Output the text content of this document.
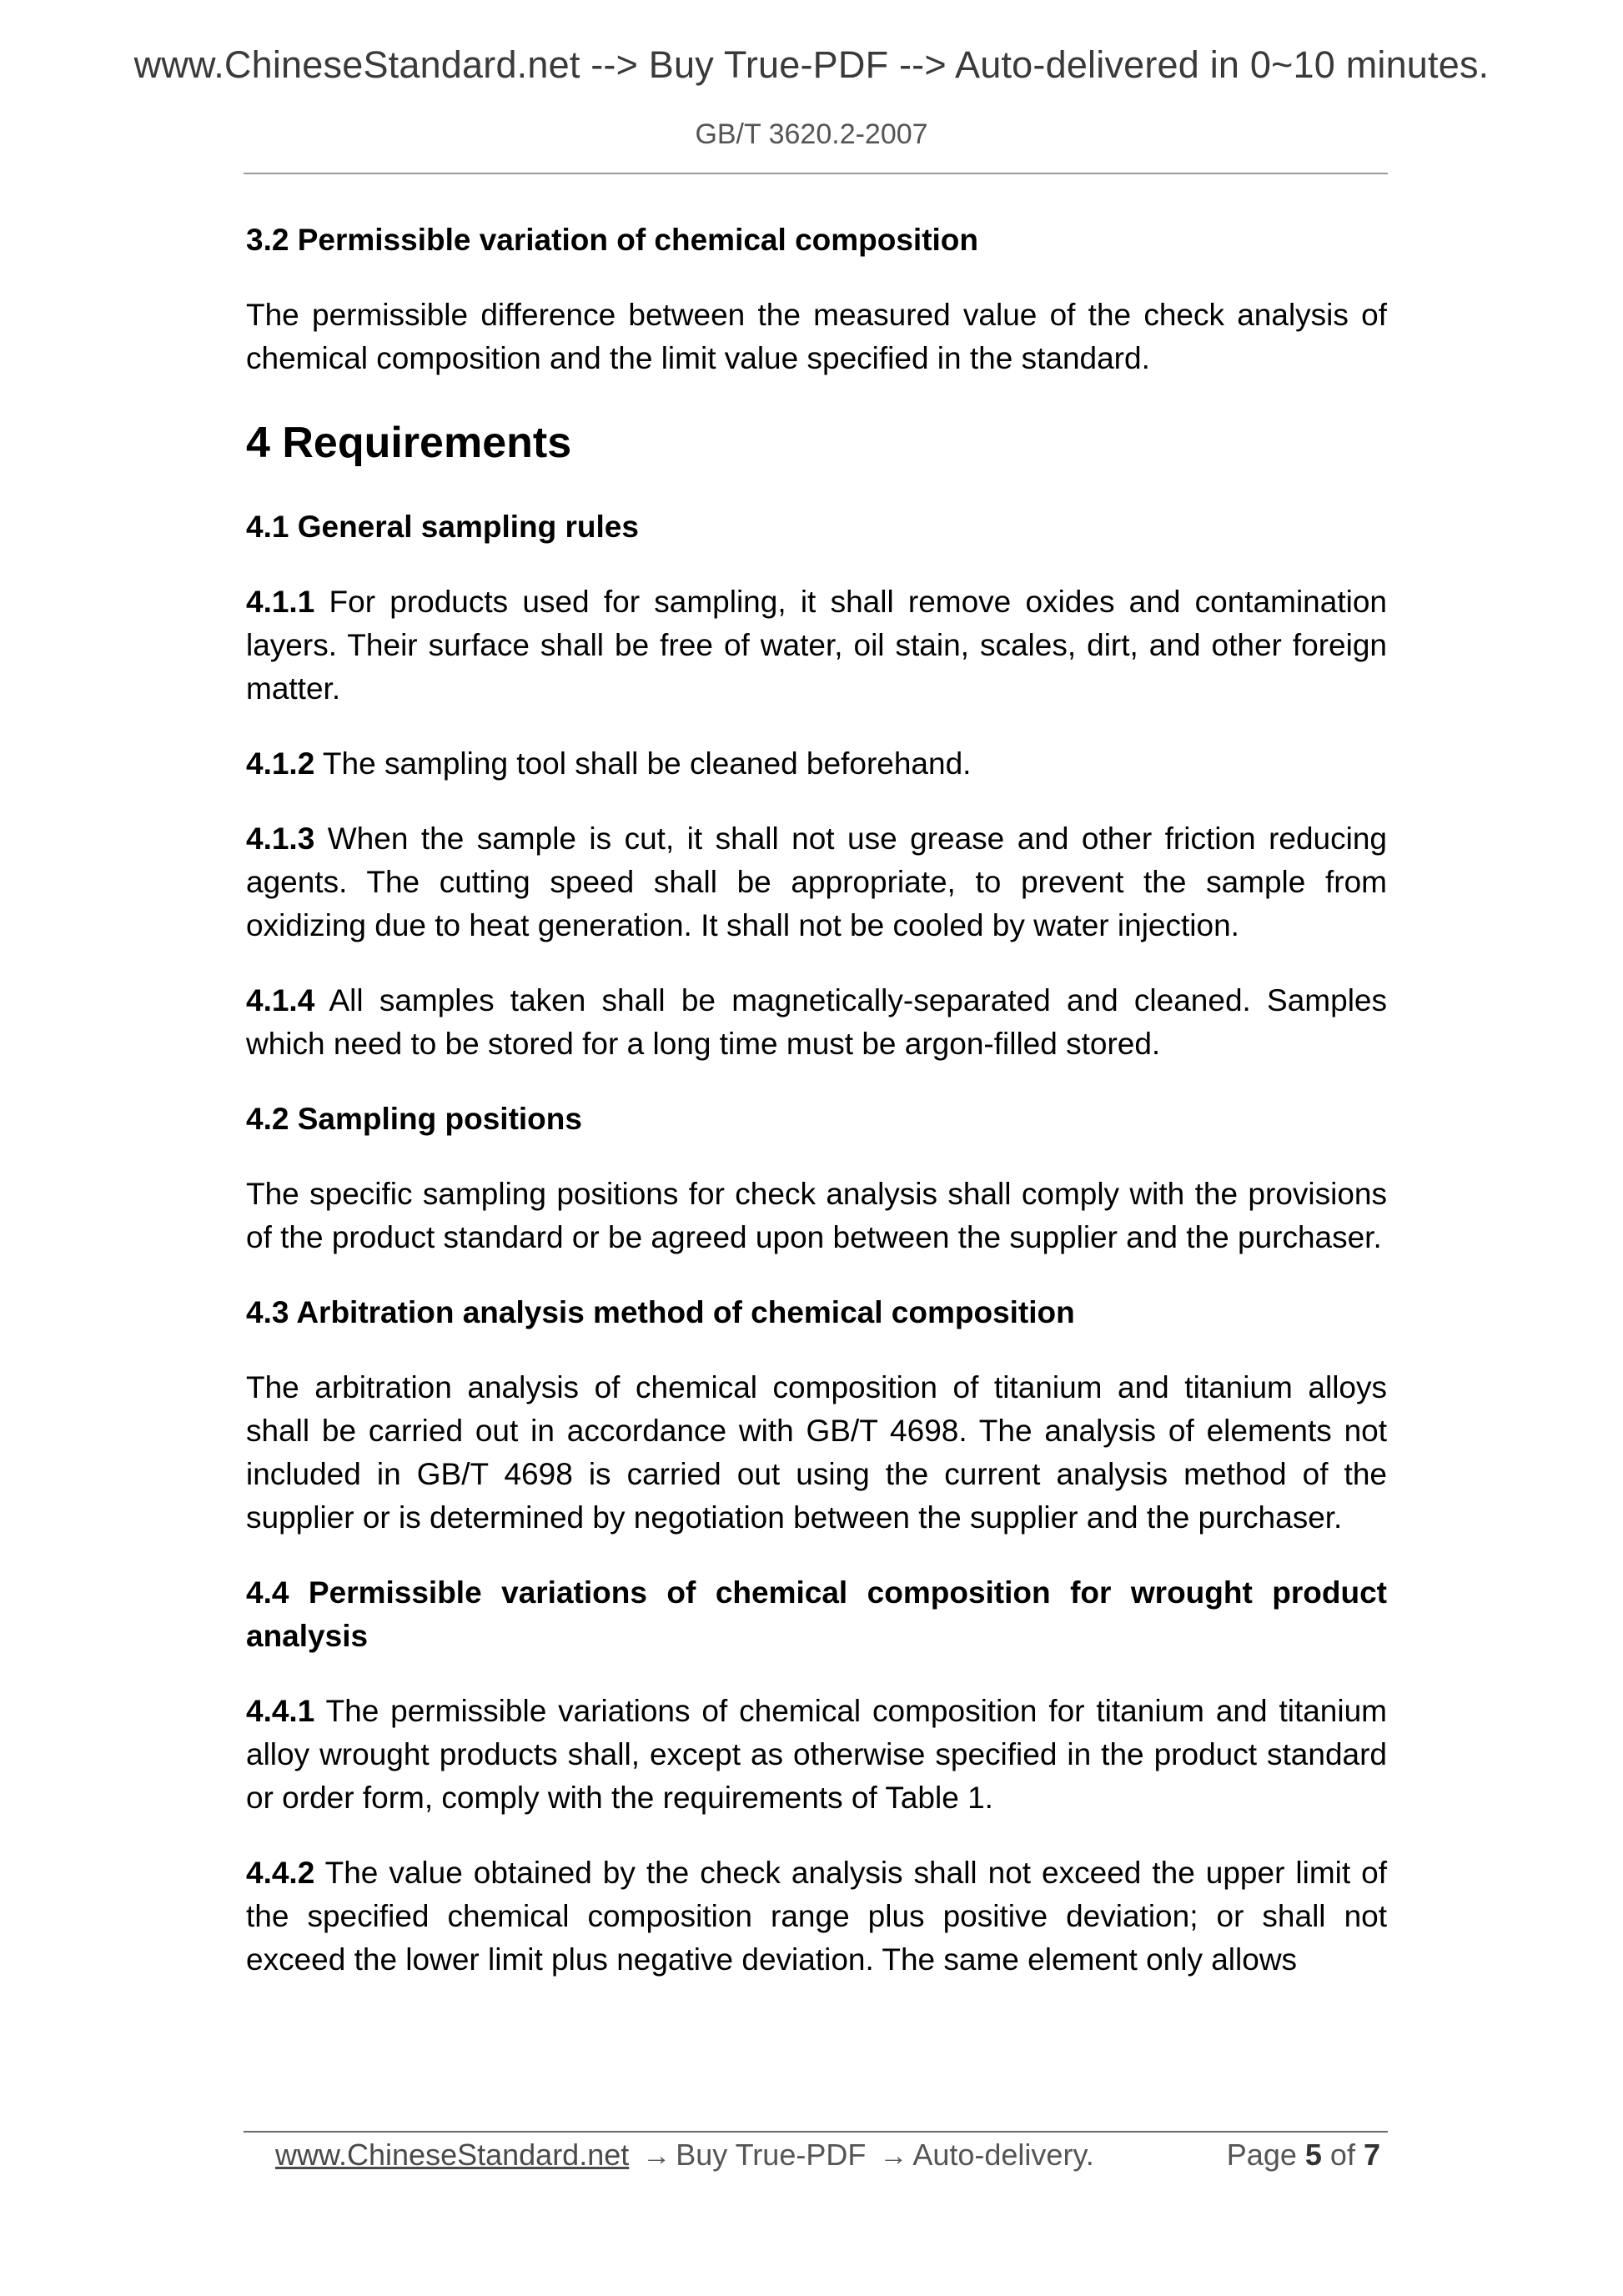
www.ChineseStandard.net --> Buy True-PDF --> Auto-delivered in 0~10 minutes.
GB/T 3620.2-2007
3.2 Permissible variation of chemical composition

The permissible difference between the measured value of the check analysis of chemical composition and the limit value specified in the standard.

4 Requirements
4.1 General sampling rules

4.1.1 For products used for sampling, it shall remove oxides and contamination layers. Their surface shall be free of water, oil stain, scales, dirt, and other foreign matter.

4.1.2 The sampling tool shall be cleaned beforehand.

4.1.3 When the sample is cut, it shall not use grease and other friction reducing agents. The cutting speed shall be appropriate, to prevent the sample from oxidizing due to heat generation. It shall not be cooled by water injection.

4.1.4 All samples taken shall be magnetically-separated and cleaned. Samples which need to be stored for a long time must be argon-filled stored.

4.2 Sampling positions

The specific sampling positions for check analysis shall comply with the provisions of the product standard or be agreed upon between the supplier and the purchaser.

4.3 Arbitration analysis method of chemical composition

The arbitration analysis of chemical composition of titanium and titanium alloys shall be carried out in accordance with GB/T 4698. The analysis of elements not included in GB/T 4698 is carried out using the current analysis method of the supplier or is determined by negotiation between the supplier and the purchaser.

4.4 Permissible variations of chemical composition for wrought product analysis

4.4.1 The permissible variations of chemical composition for titanium and titanium alloy wrought products shall, except as otherwise specified in the product standard or order form, comply with the requirements of Table 1.

4.4.2 The value obtained by the check analysis shall not exceed the upper limit of the specified chemical composition range plus positive deviation; or shall not exceed the lower limit plus negative deviation. The same element only allows

www.ChineseStandard.net → Buy True-PDF → Auto-delivery.	Page 5 of 7
